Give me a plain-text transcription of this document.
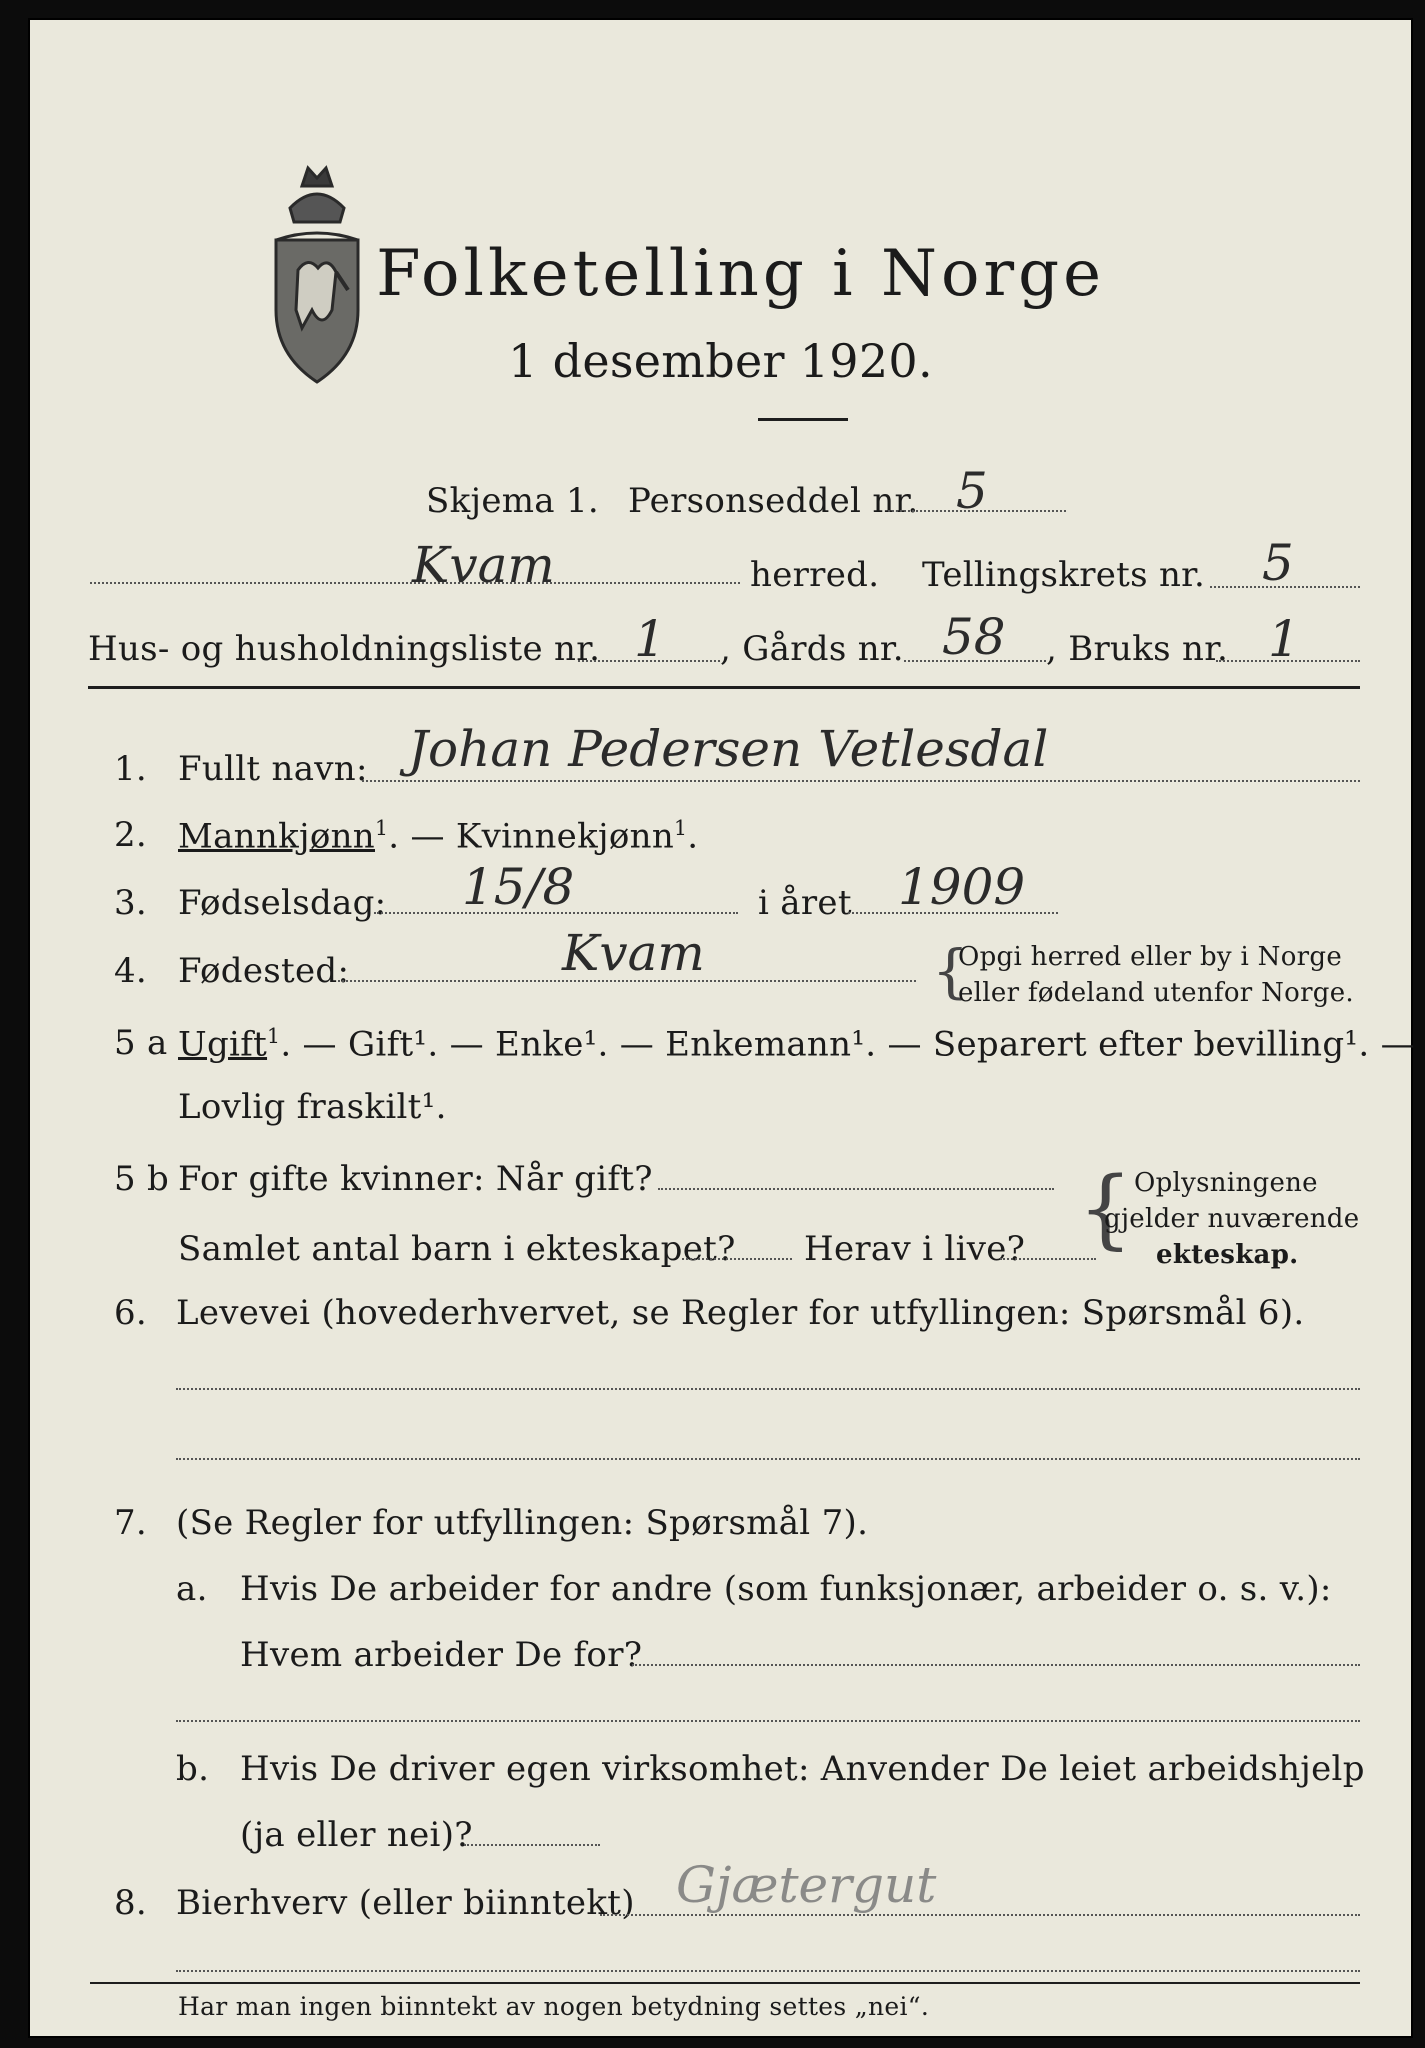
Folketelling i Norge
1 desember 1920.
Skjema 1. Personseddel nr. 5
Kvam	herred. Tellingskrets nr. 5
Hus- og husholdningsliste nr. 1 , Gårds nr. 58 , Bruks nr. 1
1. Fullt navn: Johan Pedersen Vetlesdal
2. Mannkjønn$^1$. — Kvinnekjønn$^1$.
3. Fødselsdag: 15/8	i året 1909
4. Fødested:	Kvam	{
Opgi herred eller by i Norge
eller fødeland utenfor Norge.
5 a Ugift$^1$. — Gift¹. — Enke¹. — Enkemann¹. — Separert efter bevilling¹. —
Lovlig fraskilt¹.
5 b For gifte kvinner: Når gift?
Samlet antal barn i ekteskapet? Herav i live? { Oplysningene
gjelder nuværende
ekteskap.
6. Levevei (hovederhvervet, se Regler for utfyllingen: Spørsmål 6).
7. (Se Regler for utfyllingen: Spørsmål 7).
a. Hvis De arbeider for andre (som funksjonær, arbeider o. s. v.):
Hvem arbeider De for?
b. Hvis De driver egen virksomhet: Anvender De leiet arbeidshjelp
(ja eller nei)?
8. Bierhverv (eller biinntekt) Gjætergut
Har man ingen biinntekt av nogen betydning settes „nei“.
